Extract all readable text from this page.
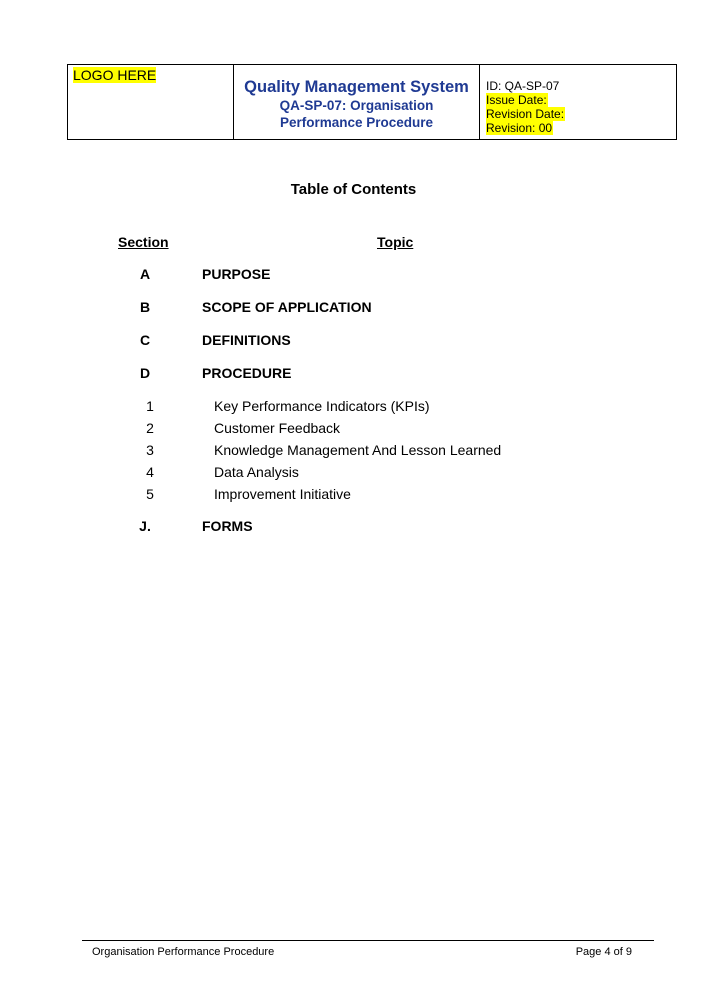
LOGO HERE
Quality Management System
QA-SP-07: Organisation
Performance Procedure
ID: QA-SP-07
Issue Date:
Revision Date:
Revision: 00
Table of Contents
Section	Topic
A	PURPOSE
B	SCOPE OF APPLICATION
C	DEFINITIONS
D	PROCEDURE
1	Key Performance Indicators (KPIs)
2	Customer Feedback
3	Knowledge Management And Lesson Learned
4	Data Analysis
5	Improvement Initiative
J.	FORMS
Organisation Performance Procedure	Page 4 of 9
